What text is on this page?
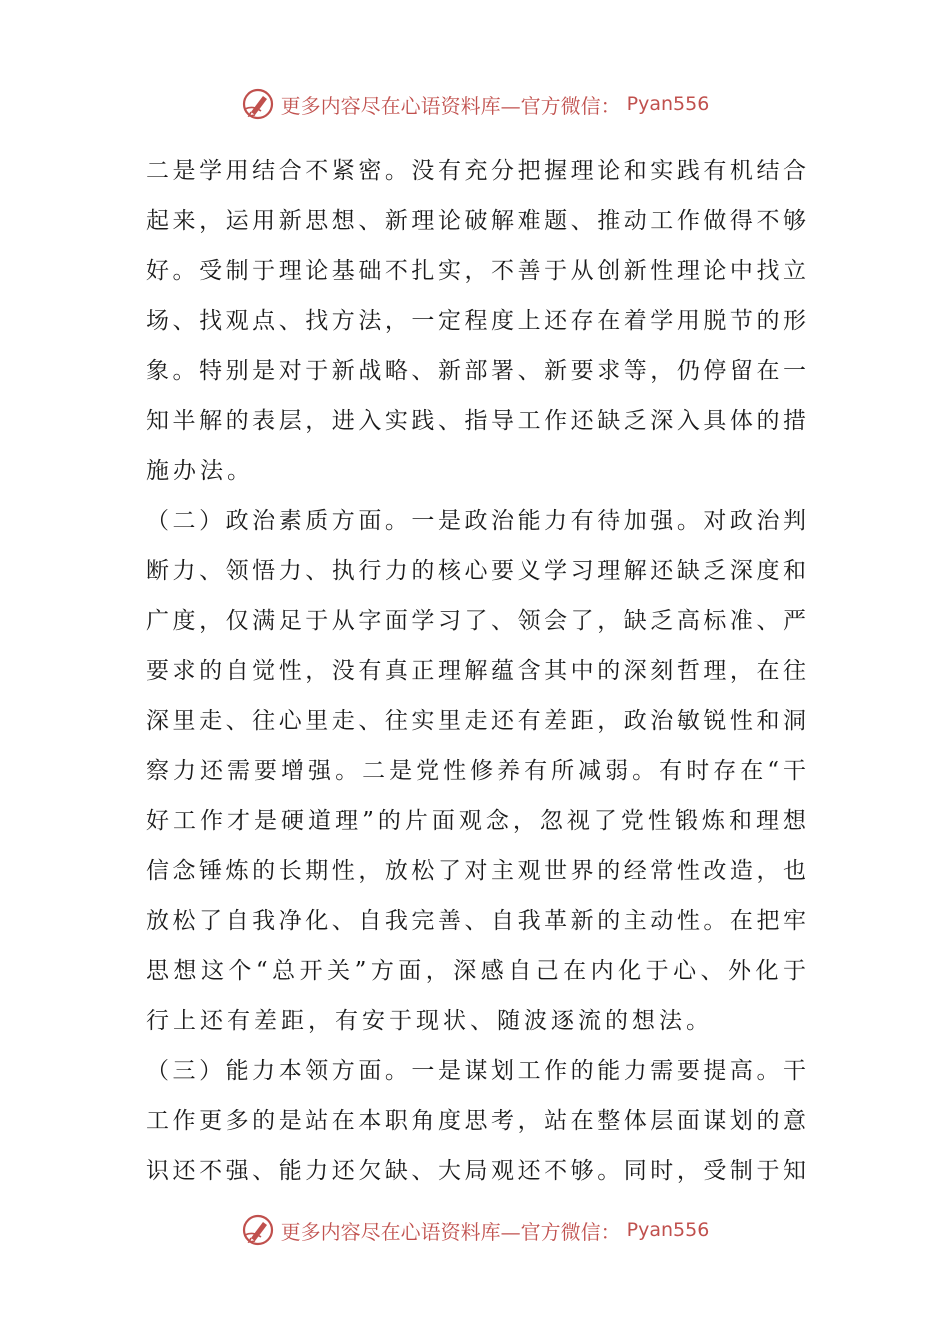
更多内容尽在心语资料库—官方微信： Pyan556
二是学用结合不紧密。没有充分把握理论和实践有机结合
起来，运用新思想、新理论破解难题、推动工作做得不够
好。受制于理论基础不扎实，不善于从创新性理论中找立
场、找观点、找方法，一定程度上还存在着学用脱节的形
象。特别是对于新战略、新部署、新要求等，仍停留在一
知半解的表层，进入实践、指导工作还缺乏深入具体的措
施办法。
（二）政治素质方面。一是政治能力有待加强。对政治判
断力、领悟力、执行力的核心要义学习理解还缺乏深度和
广度，仅满足于从字面学习了、领会了，缺乏高标准、严
要求的自觉性，没有真正理解蕴含其中的深刻哲理，在往
深里走、往心里走、往实里走还有差距，政治敏锐性和洞
察力还需要增强。二是党性修养有所减弱。有时存在“干
好工作才是硬道理”的片面观念，忽视了党性锻炼和理想
信念锤炼的长期性，放松了对主观世界的经常性改造，也
放松了自我净化、自我完善、自我革新的主动性。在把牢
思想这个“总开关”方面，深感自己在内化于心、外化于
行上还有差距，有安于现状、随波逐流的想法。
（三）能力本领方面。一是谋划工作的能力需要提高。干
工作更多的是站在本职角度思考，站在整体层面谋划的意
识还不强、能力还欠缺、大局观还不够。同时，受制于知
更多内容尽在心语资料库—官方微信： Pyan556
